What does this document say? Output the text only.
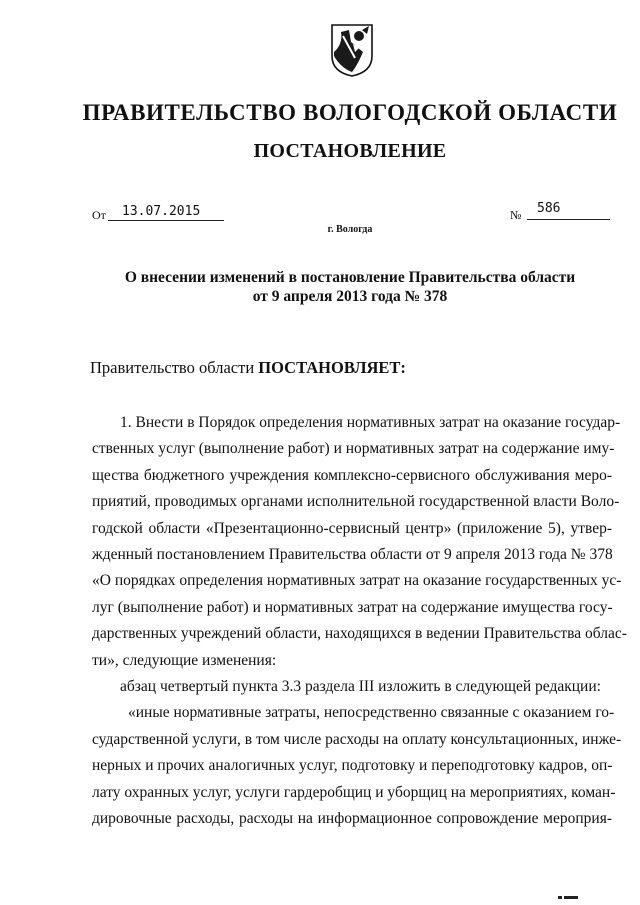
ПРАВИТЕЛЬСТВО ВОЛОГОДСКОЙ ОБЛАСТИ
ПОСТАНОВЛЕНИЕ
От	13.07.2015	№	586
г. Вологда
О внесении изменений в постановление Правительства области
от 9 апреля 2013 года № 378
Правительство области ПОСТАНОВЛЯЕТ:
1. Внести в Порядок определения нормативных затрат на оказание государ-
ственных услуг (выполнение работ) и нормативных затрат на содержание иму-
щества бюджетного учреждения комплексно-сервисного обслуживания меро-
приятий, проводимых органами исполнительной государственной власти Воло-
годской области «Презентационно-сервисный центр» (приложение 5), утвер-
жденный постановлением Правительства области от 9 апреля 2013 года № 378
«О порядках определения нормативных затрат на оказание государственных ус-
луг (выполнение работ) и нормативных затрат на содержание имущества госу-
дарственных учреждений области, находящихся в ведении Правительства облас-
ти», следующие изменения:
абзац четвертый пункта 3.3 раздела III изложить в следующей редакции:
«иные нормативные затраты, непосредственно связанные с оказанием го-
сударственной услуги, в том числе расходы на оплату консультационных, инже-
нерных и прочих аналогичных услуг, подготовку и переподготовку кадров, оп-
лату охранных услуг, услуги гардеробщиц и уборщиц на мероприятиях, коман-
дировочные расходы, расходы на информационное сопровождение мероприя-
